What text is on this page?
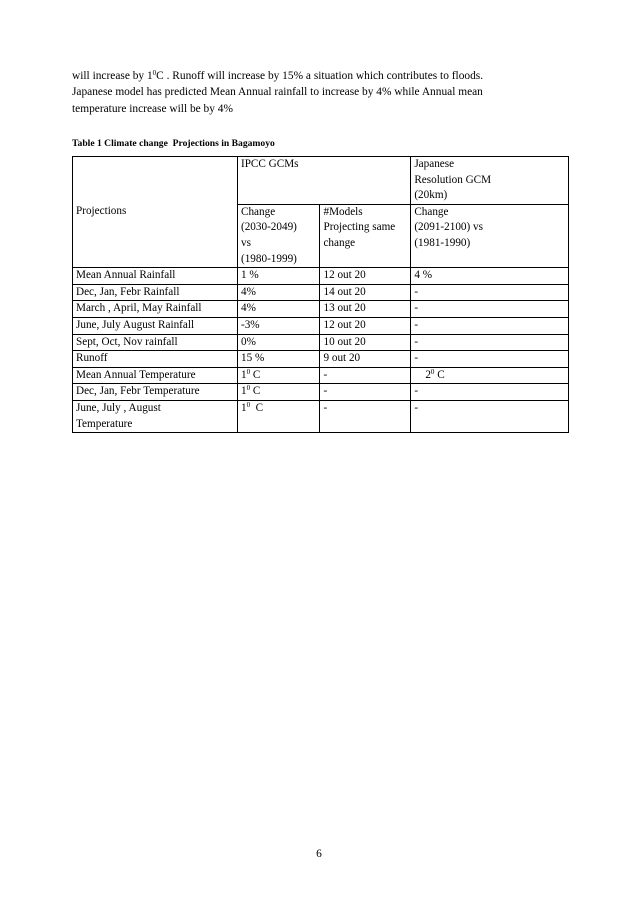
will increase by $1^0C$ . Runoff will increase by 15% a situation which contributes to floods.
Japanese model has predicted Mean Annual rainfall to increase by 4% while Annual mean
temperature increase will be by 4%

Table 1 Climate change  Projections in Bagamoyo

Projections	IPCC GCMs		Japanese
Resolution GCM
(20km)

	Change
(2030-2049)
vs
(1980-1999)	#Models
Projecting same
change	Change
(2091-2100) vs
(1981-1990)

Mean Annual Rainfall	1 %	12 out 20	4 %
Dec, Jan, Febr Rainfall	4%	14 out 20	-
March , April, May Rainfall	4%	13 out 20	-
June, July August Rainfall	-3%	12 out 20	-
Sept, Oct, Nov rainfall	0%	10 out 20	-
Runoff	15 %	9 out 20	-
Mean Annual Temperature	$1^0$ C	-	$2^0$ C
Dec, Jan, Febr Temperature	$1^0$ C	-	-

June, July , August
Temperature	$1^0$  C	-	-
6
